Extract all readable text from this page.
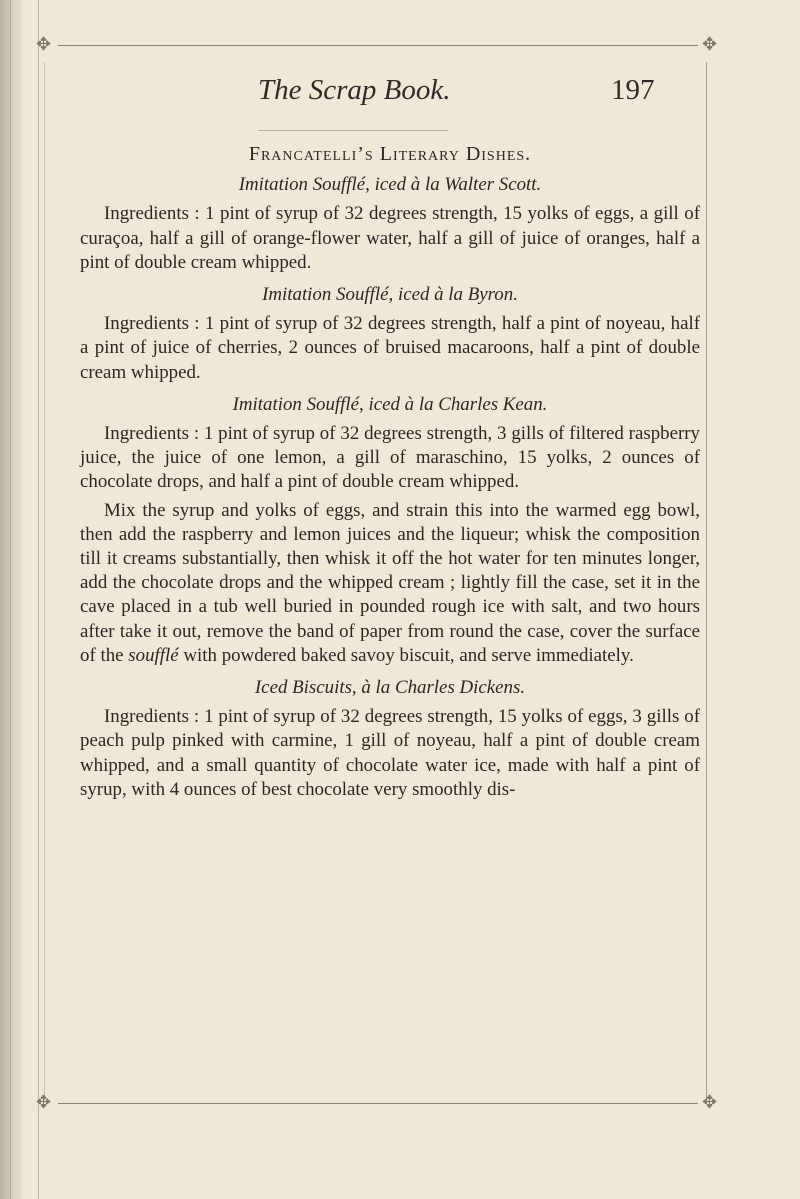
✥	✥
✥	✥
The Scrap Book.	197
Francatelli’s Literary Dishes.
Imitation Soufflé, iced à la Walter Scott.

Ingredients : 1 pint of syrup of 32 degrees strength, 15 yolks of eggs, a gill of curaçoa, half a gill of orange-flower water, half a gill of juice of oranges, half a pint of double cream whipped.

Imitation Soufflé, iced à la Byron.

Ingredients : 1 pint of syrup of 32 degrees strength, half a pint of noyeau, half a pint of juice of cherries, 2 ounces of bruised macaroons, half a pint of double cream whipped.

Imitation Soufflé, iced à la Charles Kean.

Ingredients : 1 pint of syrup of 32 degrees strength, 3 gills of filtered raspberry juice, the juice of one lemon, a gill of maraschino, 15 yolks, 2 ounces of chocolate drops, and half a pint of double cream whipped.

Mix the syrup and yolks of eggs, and strain this into the warmed egg bowl, then add the raspberry and lemon juices and the liqueur; whisk the composition till it creams substantially, then whisk it off the hot water for ten minutes longer, add the chocolate drops and the whipped cream ; lightly fill the case, set it in the cave placed in a tub well buried in pounded rough ice with salt, and two hours after take it out, remove the band of paper from round the case, cover the surface of the soufflé with powdered baked savoy biscuit, and serve immediately.

Iced Biscuits, à la Charles Dickens.

Ingredients : 1 pint of syrup of 32 degrees strength, 15 yolks of eggs, 3 gills of peach pulp pinked with carmine, 1 gill of noyeau, half a pint of double cream whipped, and a small quantity of chocolate water ice, made with half a pint of syrup, with 4 ounces of best chocolate very smoothly dis-
